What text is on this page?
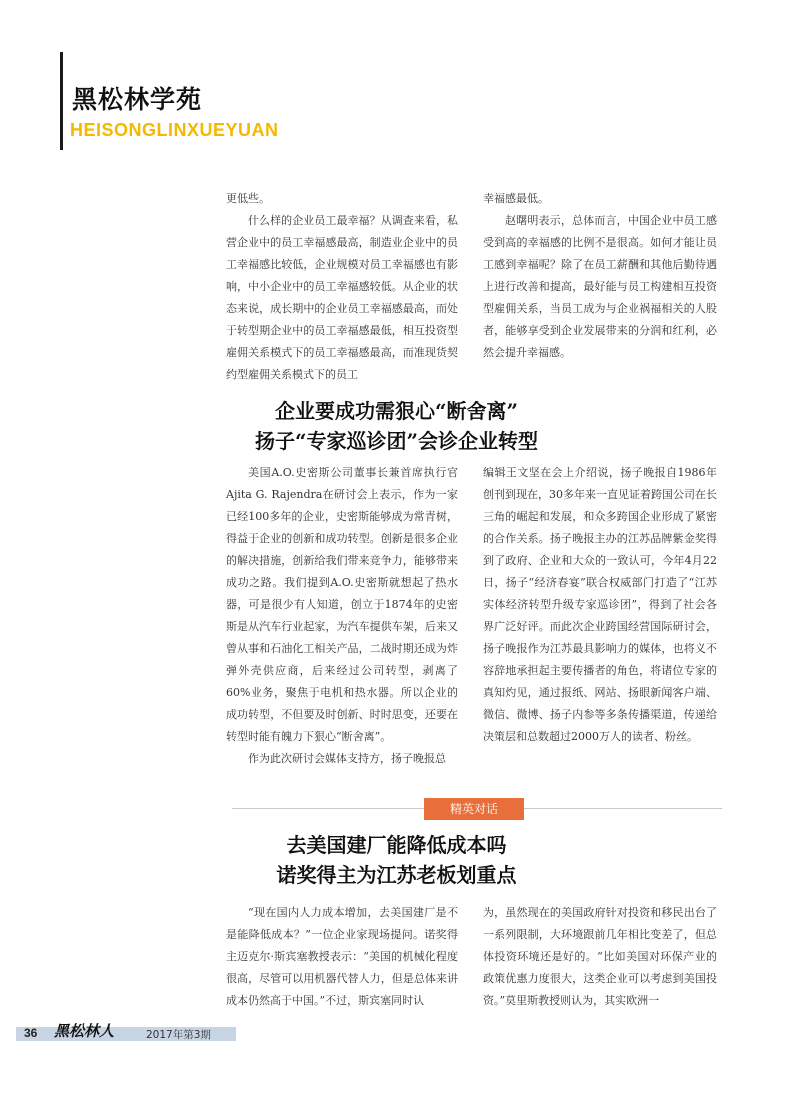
黑松林学苑
HEISONGLINXUEYUAN

更低些。

什么样的企业员工最幸福？从调查来看，私营企业中的员工幸福感最高，制造业企业中的员工幸福感比较低，企业规模对员工幸福感也有影响，中小企业中的员工幸福感较低。从企业的状态来说，成长期中的企业员工幸福感最高，而处于转型期企业中的员工幸福感最低，相互投资型雇佣关系模式下的员工幸福感最高，而准现货契约型雇佣关系模式下的员工

幸福感最低。

赵曙明表示，总体而言，中国企业中员工感受到高的幸福感的比例不是很高。如何才能让员工感到幸福呢？除了在员工薪酬和其他后勤待遇上进行改善和提高，最好能与员工构建相互投资型雇佣关系，当员工成为与企业祸福相关的人股者，能够享受到企业发展带来的分润和红利，必然会提升幸福感。

企业要成功需狠心“断舍离”
扬子“专家巡诊团”会诊企业转型

美国A.O.史密斯公司董事长兼首席执行官Ajita G. Rajendra在研讨会上表示，作为一家已经100多年的企业，史密斯能够成为常青树，得益于企业的创新和成功转型。创新是很多企业的解决措施，创新给我们带来竞争力，能够带来成功之路。我们提到A.O.史密斯就想起了热水器，可是很少有人知道，创立于1874年的史密斯是从汽车行业起家，为汽车提供车架，后来又曾从事和石油化工相关产品，二战时期还成为炸弹外壳供应商，后来经过公司转型，剥离了60%业务，聚焦于电机和热水器。所以企业的成功转型，不但要及时创新、时时思变，还要在转型时能有魄力下狠心“断舍离”。

作为此次研讨会媒体支持方，扬子晚报总

编辑王文坚在会上介绍说，扬子晚报自1986年创刊到现在，30多年来一直见证着跨国公司在长三角的崛起和发展，和众多跨国企业形成了紧密的合作关系。扬子晚报主办的江苏品牌紫金奖得到了政府、企业和大众的一致认可，今年4月22日，扬子“经济春宴”联合权威部门打造了“江苏实体经济转型升级专家巡诊团”，得到了社会各界广泛好评。而此次企业跨国经营国际研讨会，扬子晚报作为江苏最具影响力的媒体，也将义不容辞地承担起主要传播者的角色，将诸位专家的真知灼见，通过报纸、网站、扬眼新闻客户端、微信、微博、扬子内参等多条传播渠道，传递给决策层和总数超过2000万人的读者、粉丝。

精英对话
去美国建厂能降低成本吗
诺奖得主为江苏老板划重点

“现在国内人力成本增加，去美国建厂是不是能降低成本？”一位企业家现场提问。诺奖得主迈克尔·斯宾塞教授表示：“美国的机械化程度很高，尽管可以用机器代替人力，但是总体来讲成本仍然高于中国。”不过，斯宾塞同时认

为，虽然现在的美国政府针对投资和移民出台了一系列限制，大环境跟前几年相比变差了，但总体投资环境还是好的。“比如美国对环保产业的政策优惠力度很大，这类企业可以考虑到美国投资。”莫里斯教授则认为，其实欧洲一

36 黑松林人	2017年第3期
